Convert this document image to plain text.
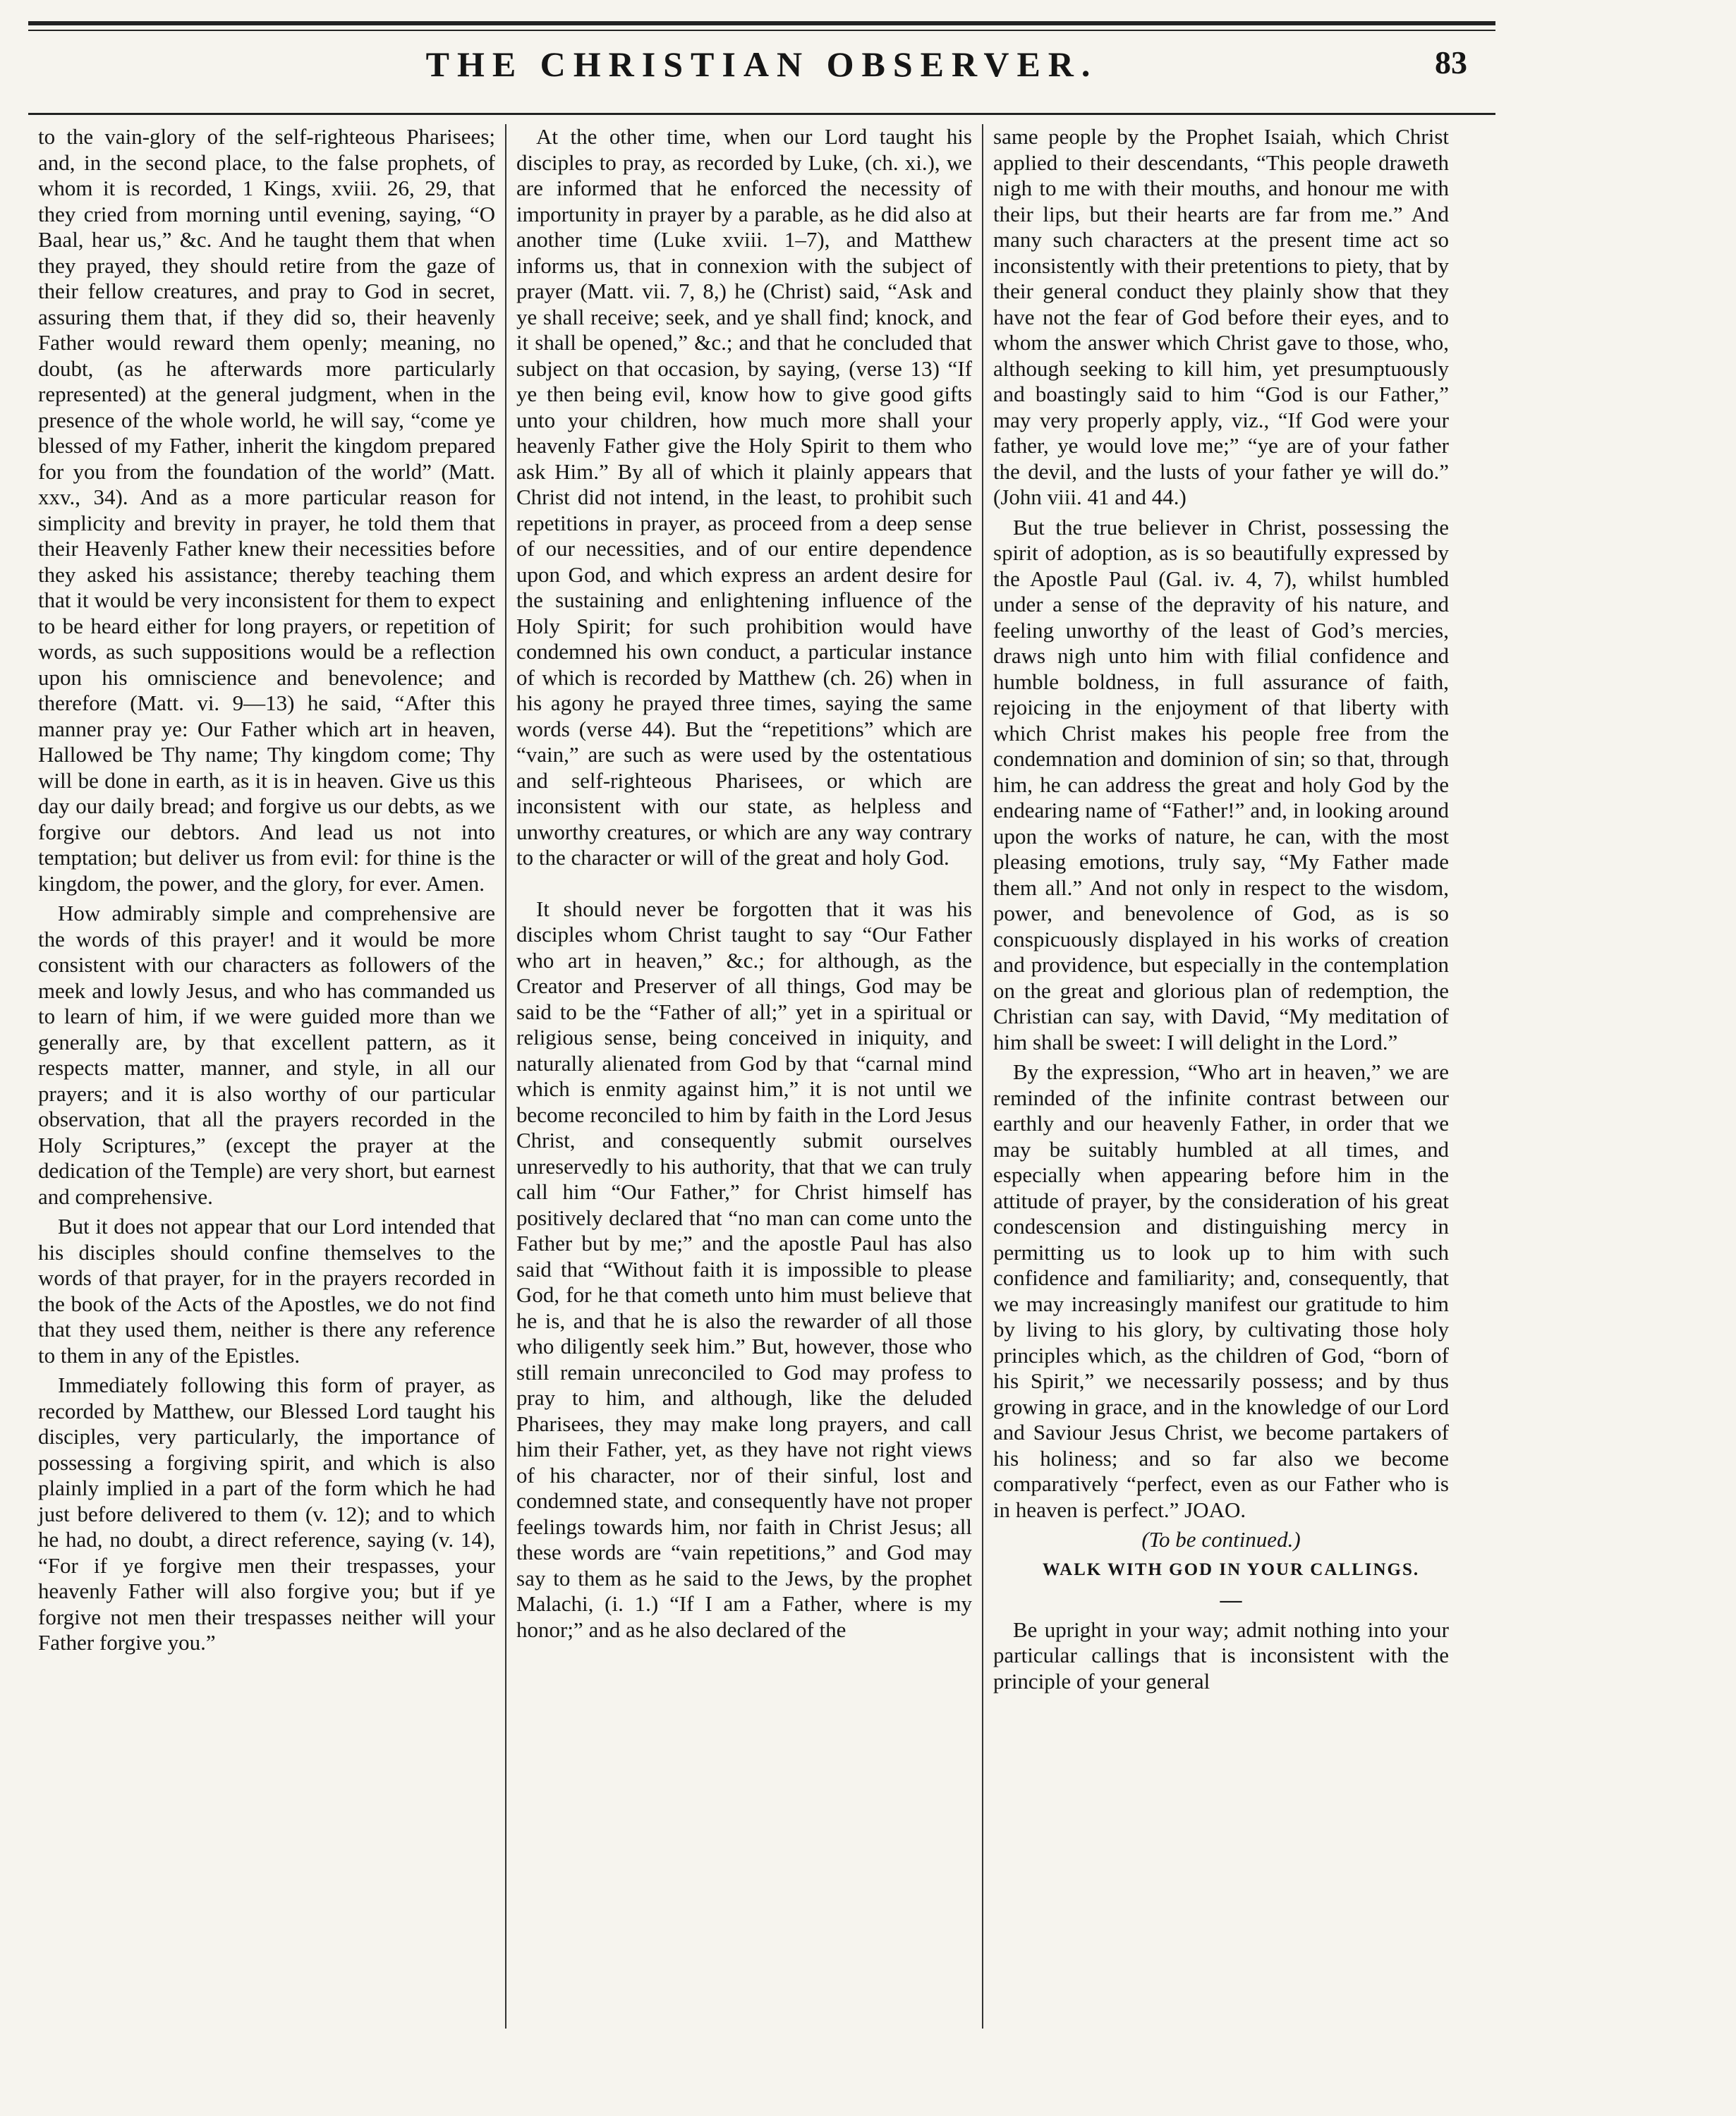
THE CHRISTIAN OBSERVER.	83

to the vain-glory of the self-righteous Pharisees; and, in the second place, to the false prophets, of whom it is recorded, 1 Kings, xviii. 26, 29, that they cried from morning until evening, saying, “O Baal, hear us,” &c. And he taught them that when they prayed, they should retire from the gaze of their fellow creatures, and pray to God in secret, assuring them that, if they did so, their heavenly Father would reward them openly; meaning, no doubt, (as he afterwards more particularly represented) at the general judgment, when in the presence of the whole world, he will say, “come ye blessed of my Father, inherit the kingdom prepared for you from the foundation of the world” (Matt. xxv., 34). And as a more particular reason for simplicity and brevity in prayer, he told them that their Heavenly Father knew their necessities before they asked his assistance; thereby teaching them that it would be very inconsistent for them to expect to be heard either for long prayers, or repetition of words, as such suppositions would be a reflection upon his omniscience and benevolence; and therefore (Matt. vi. 9—13) he said, “After this manner pray ye: Our Father which art in heaven, Hallowed be Thy name; Thy kingdom come; Thy will be done in earth, as it is in heaven. Give us this day our daily bread; and forgive us our debts, as we forgive our debtors. And lead us not into temptation; but deliver us from evil: for thine is the kingdom, the power, and the glory, for ever. Amen.

How admirably simple and comprehensive are the words of this prayer! and it would be more consistent with our characters as followers of the meek and lowly Jesus, and who has commanded us to learn of him, if we were guided more than we generally are, by that excellent pattern, as it respects matter, manner, and style, in all our prayers; and it is also worthy of our particular observation, that all the prayers recorded in the Holy Scriptures,” (except the prayer at the dedication of the Temple) are very short, but earnest and comprehensive.

But it does not appear that our Lord intended that his disciples should confine themselves to the words of that prayer, for in the prayers recorded in the book of the Acts of the Apostles, we do not find that they used them, neither is there any reference to them in any of the Epistles.

Immediately following this form of prayer, as recorded by Matthew, our Blessed Lord taught his disciples, very particularly, the importance of possessing a forgiving spirit, and which is also plainly implied in a part of the form which he had just before delivered to them (v. 12); and to which he had, no doubt, a direct reference, saying (v. 14), “For if ye forgive men their trespasses, your heavenly Father will also forgive you; but if ye forgive not men their trespasses neither will your Father forgive you.”

At the other time, when our Lord taught his disciples to pray, as recorded by Luke, (ch. xi.), we are informed that he enforced the necessity of importunity in prayer by a parable, as he did also at another time (Luke xviii. 1–7), and Matthew informs us, that in connexion with the subject of prayer (Matt. vii. 7, 8,) he (Christ) said, “Ask and ye shall receive; seek, and ye shall find; knock, and it shall be opened,” &c.; and that he concluded that subject on that occasion, by saying, (verse 13) “If ye then being evil, know how to give good gifts unto your children, how much more shall your heavenly Father give the Holy Spirit to them who ask Him.” By all of which it plainly appears that Christ did not intend, in the least, to prohibit such repetitions in prayer, as proceed from a deep sense of our necessities, and of our entire dependence upon God, and which express an ardent desire for the sustaining and enlightening influence of the Holy Spirit; for such prohibition would have condemned his own conduct, a particular instance of which is recorded by Matthew (ch. 26) when in his agony he prayed three times, saying the same words (verse 44). But the “repetitions” which are “vain,” are such as were used by the ostentatious and self-righteous Pharisees, or which are inconsistent with our state, as helpless and unworthy creatures, or which are any way contrary to the character or will of the great and holy God.

It should never be forgotten that it was his disciples whom Christ taught to say “Our Father who art in heaven,” &c.; for although, as the Creator and Preserver of all things, God may be said to be the “Father of all;” yet in a spiritual or religious sense, being conceived in iniquity, and naturally alienated from God by that “carnal mind which is enmity against him,” it is not until we become reconciled to him by faith in the Lord Jesus Christ, and consequently submit ourselves unreservedly to his authority, that that we can truly call him “Our Father,” for Christ himself has positively declared that “no man can come unto the Father but by me;” and the apostle Paul has also said that “Without faith it is impossible to please God, for he that cometh unto him must believe that he is, and that he is also the rewarder of all those who diligently seek him.” But, however, those who still remain unreconciled to God may profess to pray to him, and although, like the deluded Pharisees, they may make long prayers, and call him their Father, yet, as they have not right views of his character, nor of their sinful, lost and condemned state, and consequently have not proper feelings towards him, nor faith in Christ Jesus; all these words are “vain repetitions,” and God may say to them as he said to the Jews, by the prophet Malachi, (i. 1.) “If I am a Father, where is my honor;” and as he also declared of the

same people by the Prophet Isaiah, which Christ applied to their descendants, “This people draweth nigh to me with their mouths, and honour me with their lips, but their hearts are far from me.” And many such characters at the present time act so inconsistently with their pretentions to piety, that by their general conduct they plainly show that they have not the fear of God before their eyes, and to whom the answer which Christ gave to those, who, although seeking to kill him, yet presumptuously and boastingly said to him “God is our Father,” may very properly apply, viz., “If God were your father, ye would love me;” “ye are of your father the devil, and the lusts of your father ye will do.” (John viii. 41 and 44.)

But the true believer in Christ, possessing the spirit of adoption, as is so beautifully expressed by the Apostle Paul (Gal. iv. 4, 7), whilst humbled under a sense of the depravity of his nature, and feeling unworthy of the least of God’s mercies, draws nigh unto him with filial confidence and humble boldness, in full assurance of faith, rejoicing in the enjoyment of that liberty with which Christ makes his people free from the condemnation and dominion of sin; so that, through him, he can address the great and holy God by the endearing name of “Father!” and, in looking around upon the works of nature, he can, with the most pleasing emotions, truly say, “My Father made them all.” And not only in respect to the wisdom, power, and benevolence of God, as is so conspicuously displayed in his works of creation and providence, but especially in the contemplation on the great and glorious plan of redemption, the Christian can say, with David, “My meditation of him shall be sweet: I will delight in the Lord.”

By the expression, “Who art in heaven,” we are reminded of the infinite contrast between our earthly and our heavenly Father, in order that we may be suitably humbled at all times, and especially when appearing before him in the attitude of prayer, by the consideration of his great condescension and distinguishing mercy in permitting us to look up to him with such confidence and familiarity; and, consequently, that we may increasingly manifest our gratitude to him by living to his glory, by cultivating those holy principles which, as the children of God, “born of his Spirit,” we necessarily possess; and by thus growing in grace, and in the knowledge of our Lord and Saviour Jesus Christ, we become partakers of his holiness; and so far also we become comparatively “perfect, even as our Father who is in heaven is perfect.” JOAO.

(To be continued.)

WALK WITH GOD IN YOUR CALLINGS.

—

Be upright in your way; admit nothing into your particular callings that is inconsistent with the principle of your general
